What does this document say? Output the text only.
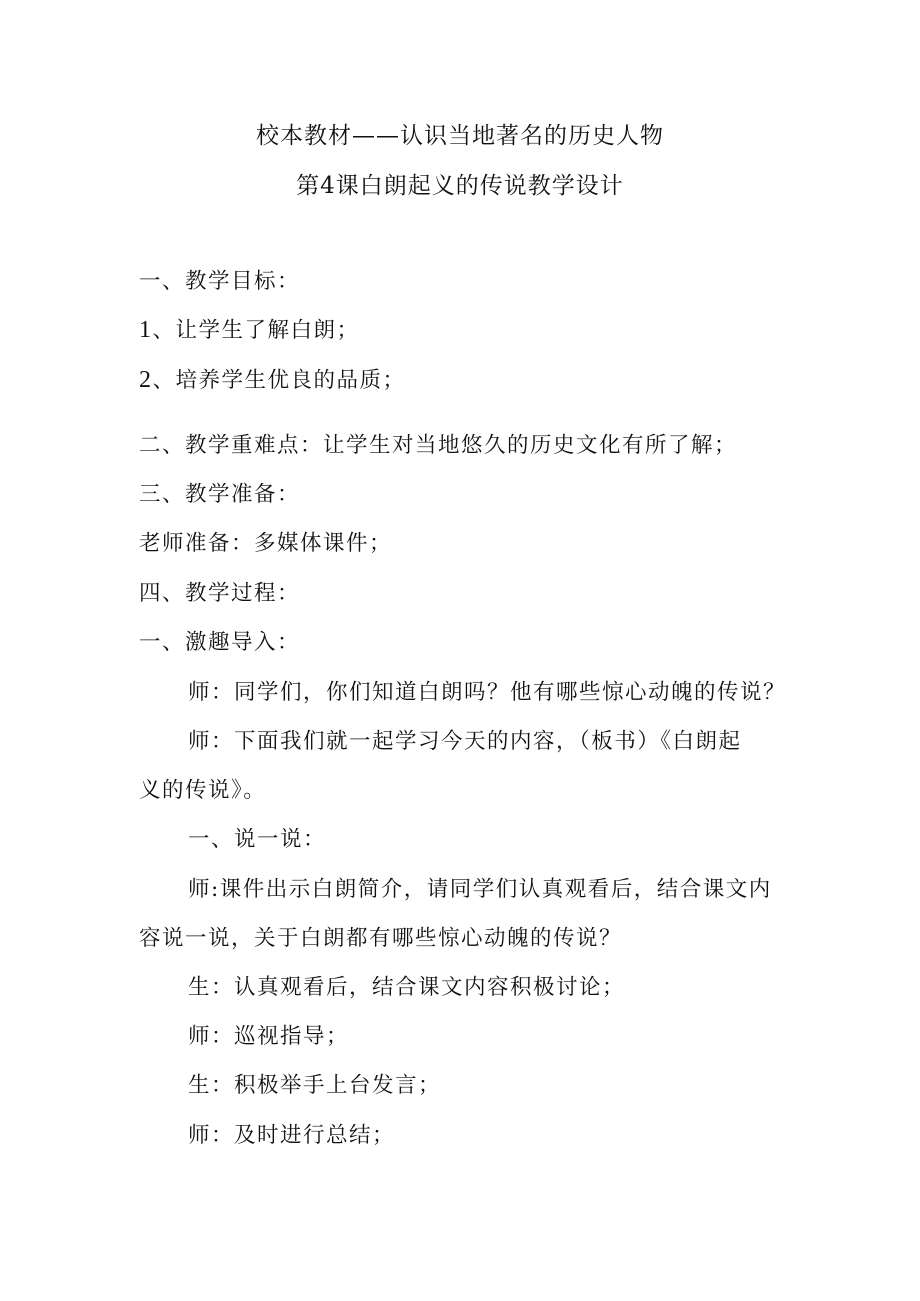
校本教材——认识当地著名的历史人物
第4课白朗起义的传说教学设计
一、教学目标：
1、让学生了解白朗；
2、培养学生优良的品质；
二、教学重难点：让学生对当地悠久的历史文化有所了解；
三、教学准备：
老师准备：多媒体课件；
四、教学过程：
一、激趣导入：
师：同学们，你们知道白朗吗？他有哪些惊心动魄的传说？
师：下面我们就一起学习今天的内容，（板书）《白朗起
义的传说》。
一、说一说：
师:课件出示白朗简介，请同学们认真观看后，结合课文内
容说一说，关于白朗都有哪些惊心动魄的传说？
生：认真观看后，结合课文内容积极讨论；
师：巡视指导；
生：积极举手上台发言；
师：及时进行总结；
